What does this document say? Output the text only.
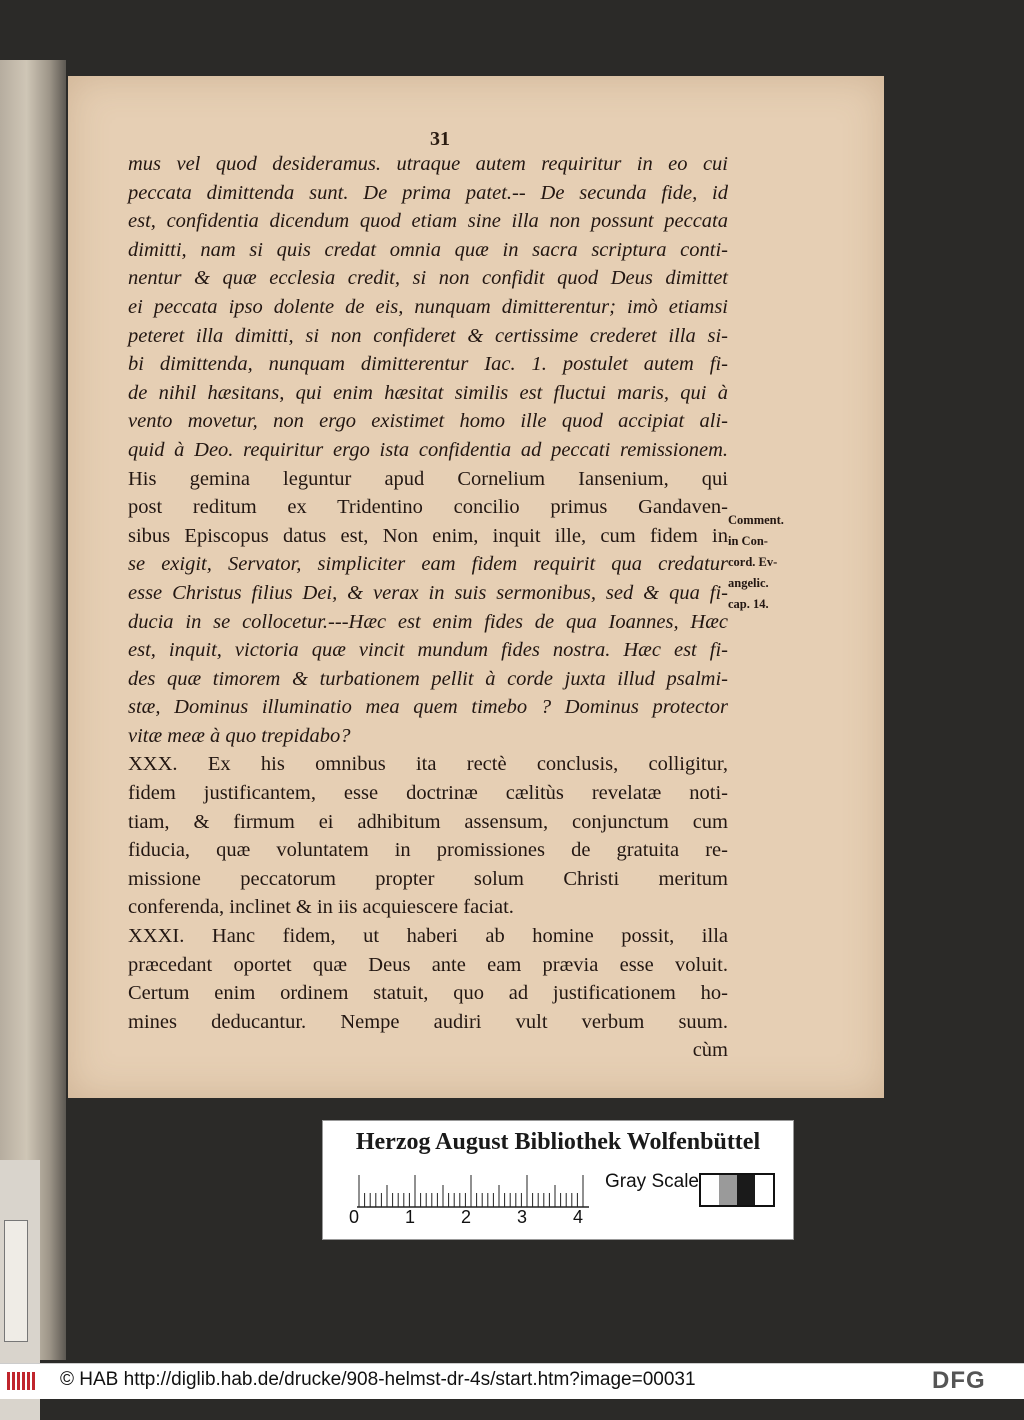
31
mus vel quod desideramus. utraque autem requiritur in eo cui
peccata dimittenda sunt. De prima patet.-- De secunda fide, id
est, confidentia dicendum quod etiam sine illa non possunt peccata
dimitti, nam si quis credat omnia quæ in sacra scriptura conti-
nentur & quæ ecclesia credit, si non confidit quod Deus dimittet
ei peccata ipso dolente de eis, nunquam dimitterentur; imò etiamsi
peteret illa dimitti, si non confideret & certissime crederet illa si-
bi dimittenda, nunquam dimitterentur Iac. 1. postulet autem fi-
de nihil hæsitans, qui enim hæsitat similis est fluctui maris, qui à
vento movetur, non ergo existimet homo ille quod accipiat ali-
quid à Deo. requiritur ergo ista confidentia ad peccati remissionem.
His gemina leguntur apud Cornelium Iansenium, qui
post reditum ex Tridentino concilio primus Gandaven-
sibus Episcopus datus est, Non enim, inquit ille, cum fidem in
se exigit, Servator, simpliciter eam fidem requirit qua credatur
esse Christus filius Dei, & verax in suis sermonibus, sed & qua fi-
ducia in se collocetur.---Hæc est enim fides de qua Ioannes, Hæc
est, inquit, victoria quæ vincit mundum fides nostra. Hæc est fi-
des quæ timorem & turbationem pellit à corde juxta illud psalmi-
stæ, Dominus illuminatio mea quem timebo ? Dominus protector
vitæ meæ à quo trepidabo?
XXX. Ex his omnibus ita rectè conclusis, colligitur,
fidem justificantem, esse doctrinæ cælitùs revelatæ noti-
tiam, & firmum ei adhibitum assensum, conjunctum cum
fiducia, quæ voluntatem in promissiones de gratuita re-
missione peccatorum propter solum Christi meritum
conferenda, inclinet & in iis acquiescere faciat.
XXXI. Hanc fidem, ut haberi ab homine possit, illa
præcedant oportet quæ Deus ante eam prævia esse voluit.
Certum enim ordinem statuit, quo ad justificationem ho-
mines deducantur. Nempe audiri vult verbum suum.
cùm
Comment.
in Con-
cord. Ev-
angelic.
cap. 14.
Herzog August Bibliothek Wolfenbüttel
0	1	2	3	4
Gray Scale
© HAB http://diglib.hab.de/drucke/908-helmst-dr-4s/start.htm?image=00031	DFG
